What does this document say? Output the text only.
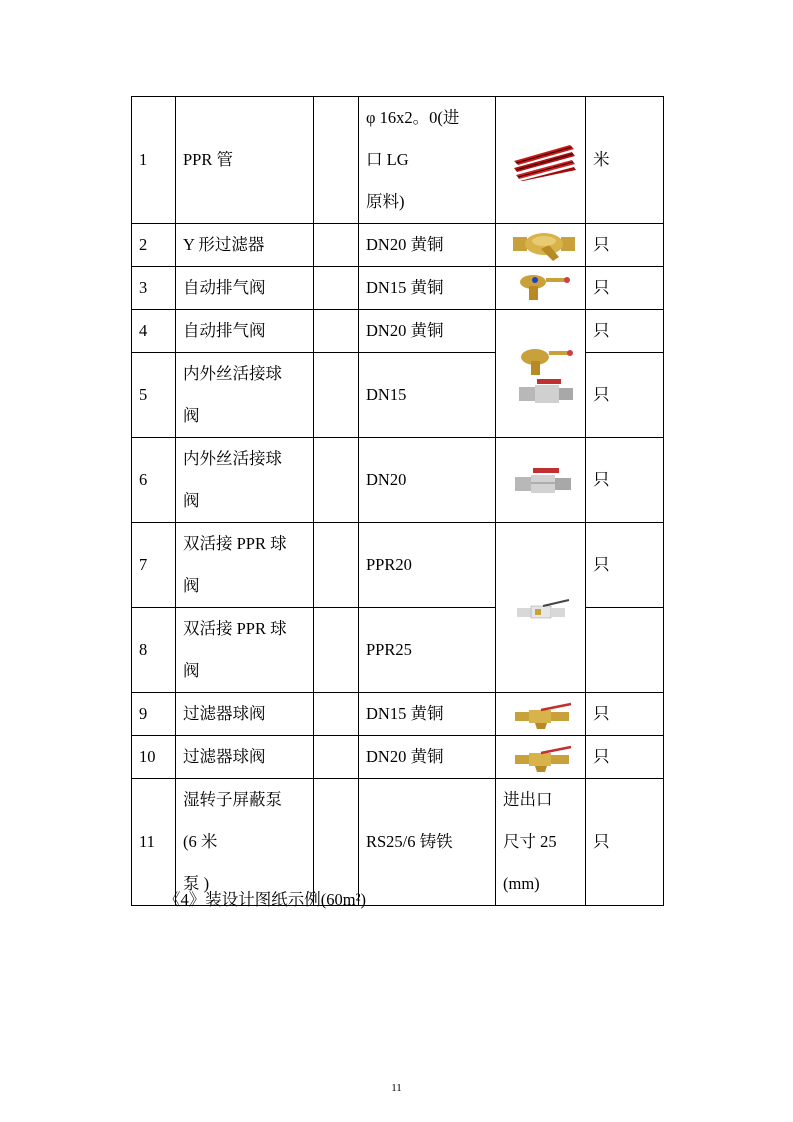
1	PPR 管		φ 16x2。0(进
口 LG
原料)		米
2	Y 形过滤器		DN20 黄铜		只
3	自动排气阀		DN15 黄铜		只
4	自动排气阀		DN20 黄铜		只
5	内外丝活接球
阀		DN15		只
6	内外丝活接球
阀		DN20		只
7	双活接 PPR 球
阀		PPR20		只
8	双活接 PPR 球
阀		PPR25		
9	过滤器球阀		DN15 黄铜		只
10	过滤器球阀		DN20 黄铜		只
11	湿转子屏蔽泵
(6 米
泵 )		RS25/6 铸铁	进出口
尺寸 25
(mm)	只
《4》装设计图纸示例(60m²)
11
